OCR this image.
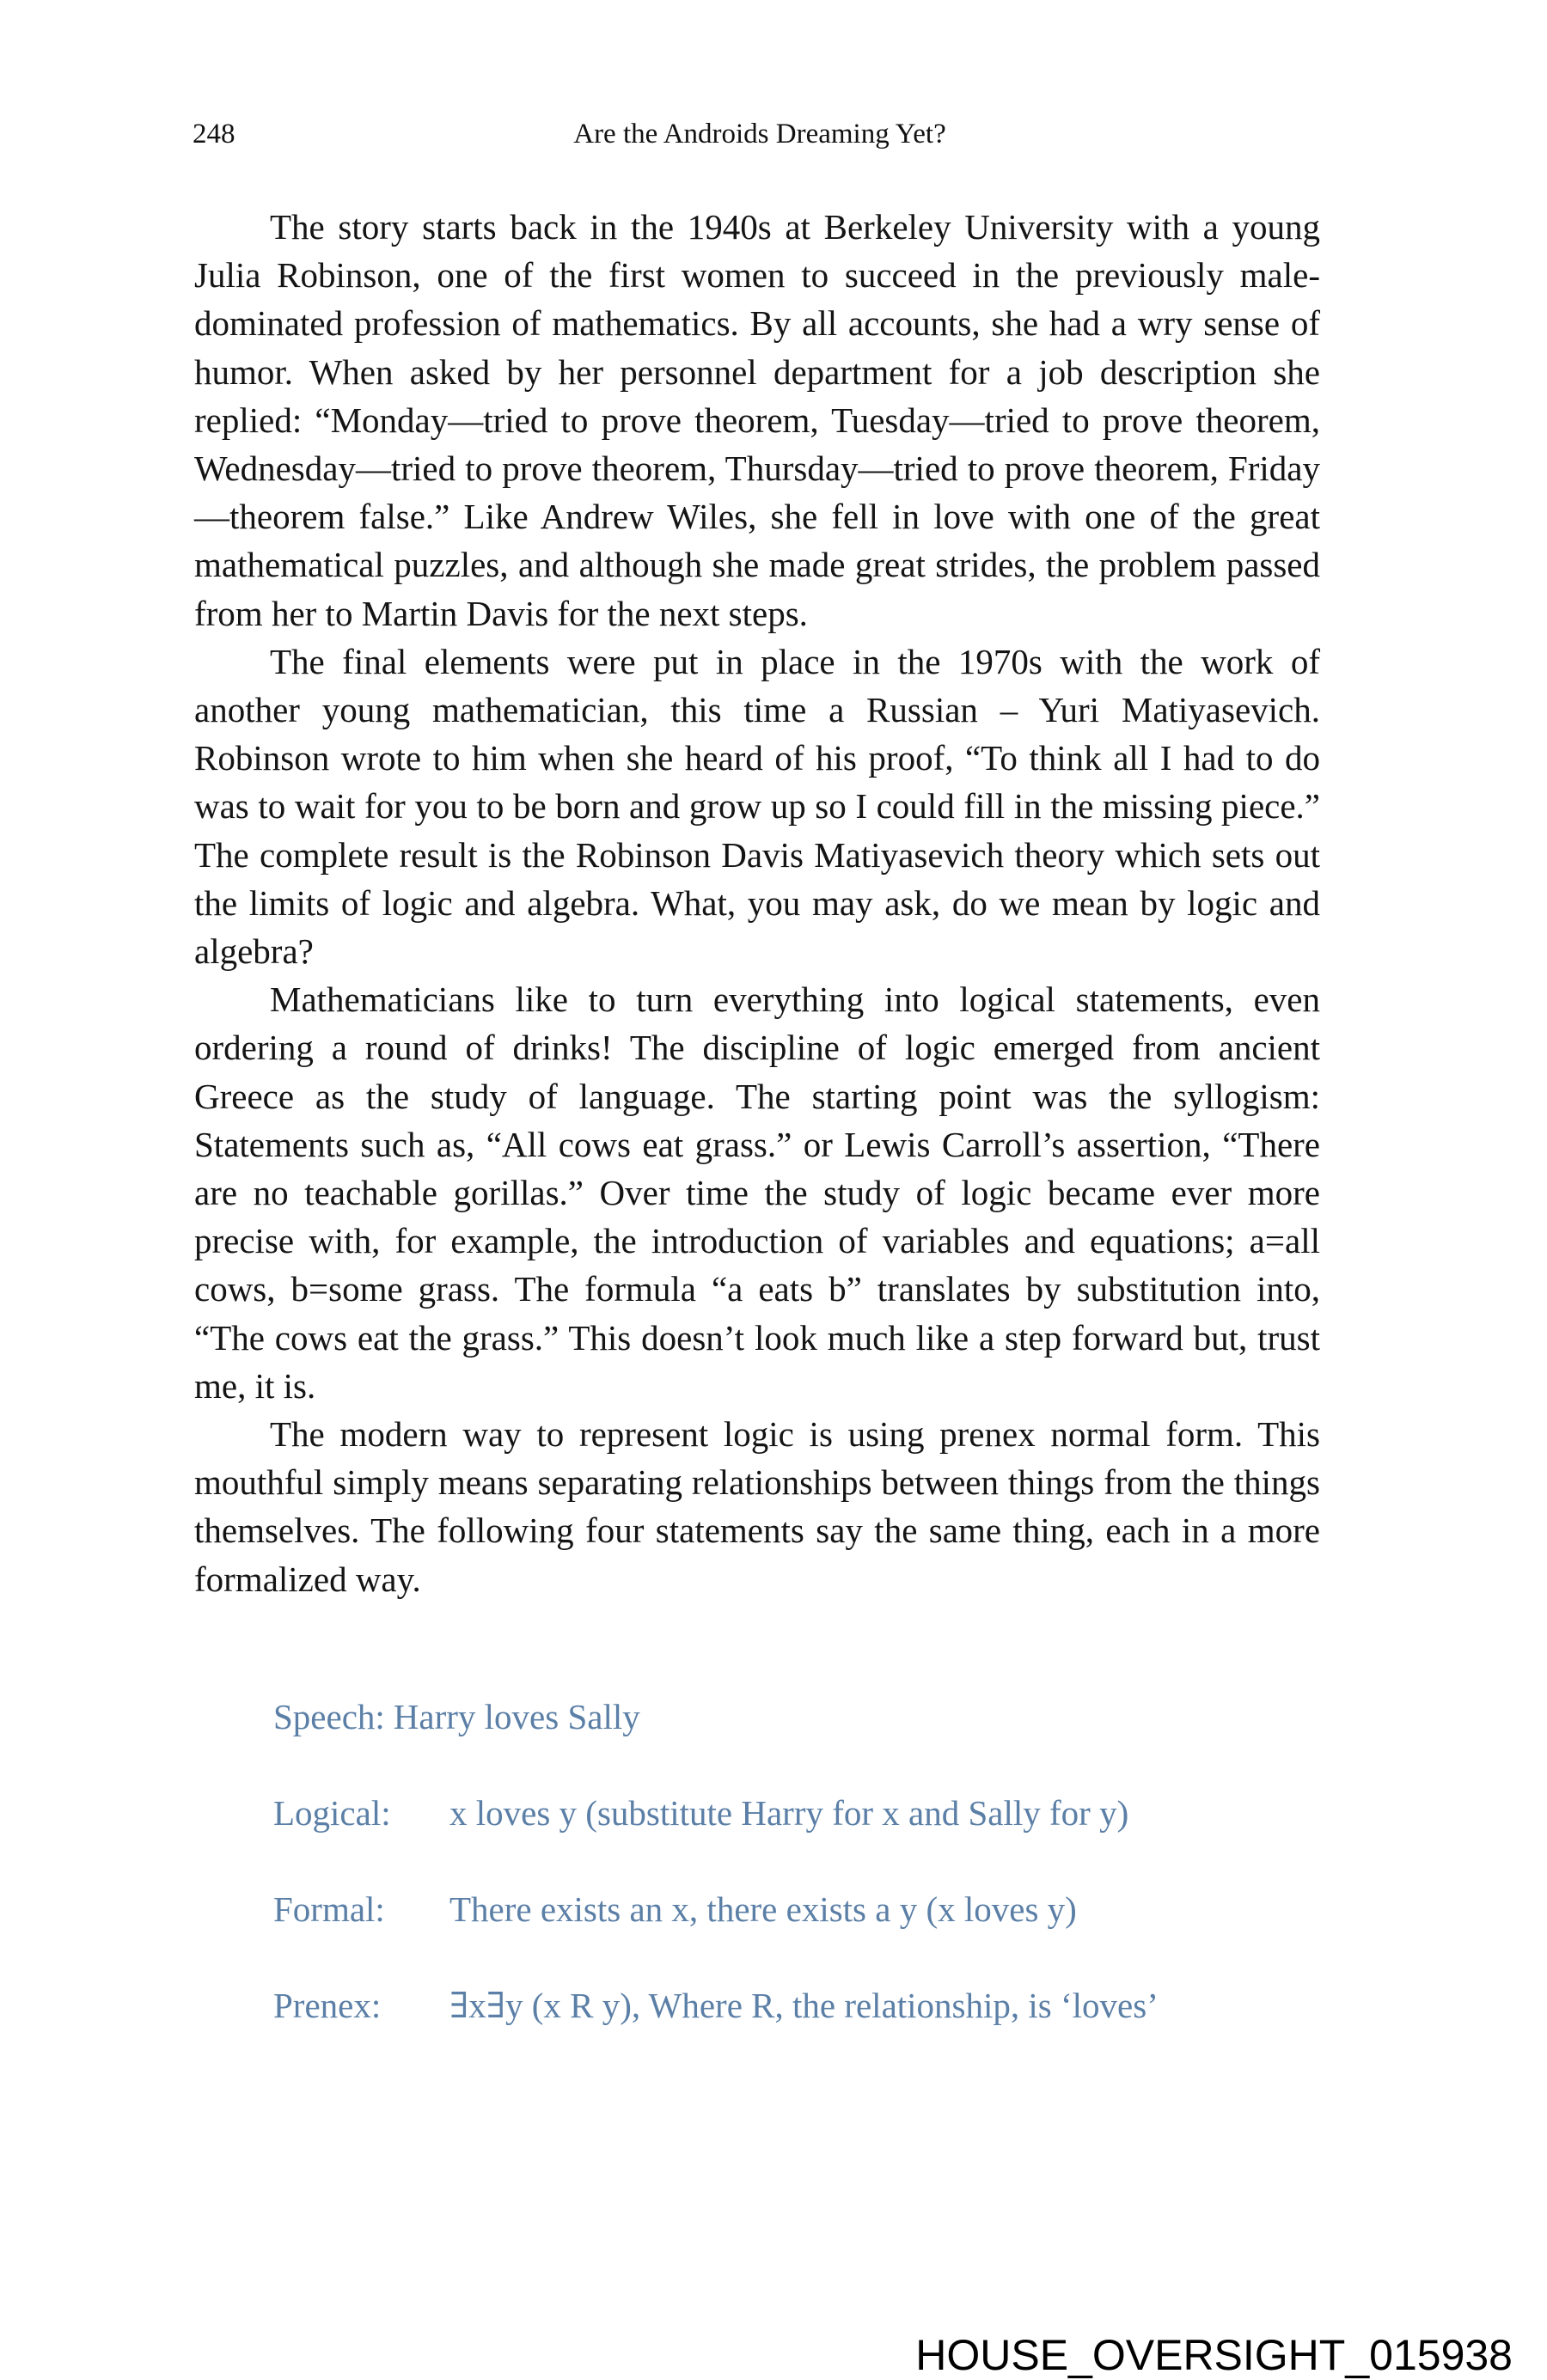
248	Are the Androids Dreaming Yet?

The story starts back in the 1940s at Berkeley University with a young Julia Robinson, one of the first women to succeed in the previously male-dominated profession of mathematics. By all accounts, she had a wry sense of humor. When asked by her personnel department for a job description she replied: “Monday—tried to prove theorem, Tuesday—tried to prove theorem, Wednesday—tried to prove theorem, Thursday—tried to prove theorem, Friday—theorem false.” Like Andrew Wiles, she fell in love with one of the great mathematical puzzles, and although she made great strides, the problem passed from her to Martin Davis for the next steps.

The final elements were put in place in the 1970s with the work of another young mathematician, this time a Russian – Yuri Matiyasevich. Robinson wrote to him when she heard of his proof, “To think all I had to do was to wait for you to be born and grow up so I could fill in the missing piece.” The complete result is the Robinson Davis Matiyasevich theory which sets out the limits of logic and algebra. What, you may ask, do we mean by logic and algebra?

Mathematicians like to turn everything into logical statements, even ordering a round of drinks! The discipline of logic emerged from ancient Greece as the study of language. The starting point was the syllogism: Statements such as, “All cows eat grass.” or Lewis Carroll’s assertion, “There are no teachable gorillas.” Over time the study of logic became ever more precise with, for example, the introduction of variables and equations; a=all cows, b=some grass. The formula “a eats b” translates by substitution into, “The cows eat the grass.” This doesn’t look much like a step forward but, trust me, it is.

The modern way to represent logic is using prenex normal form. This mouthful simply means separating relationships between things from the things themselves. The following four statements say the same thing, each in a more formalized way.

Speech: Harry loves Sally
Logical: x loves y (substitute Harry for x and Sally for y)
Formal: There exists an x, there exists a y (x loves y)
Prenex: ∃x∃y (x R y), Where R, the relationship, is ‘loves’
HOUSE_OVERSIGHT_015938
